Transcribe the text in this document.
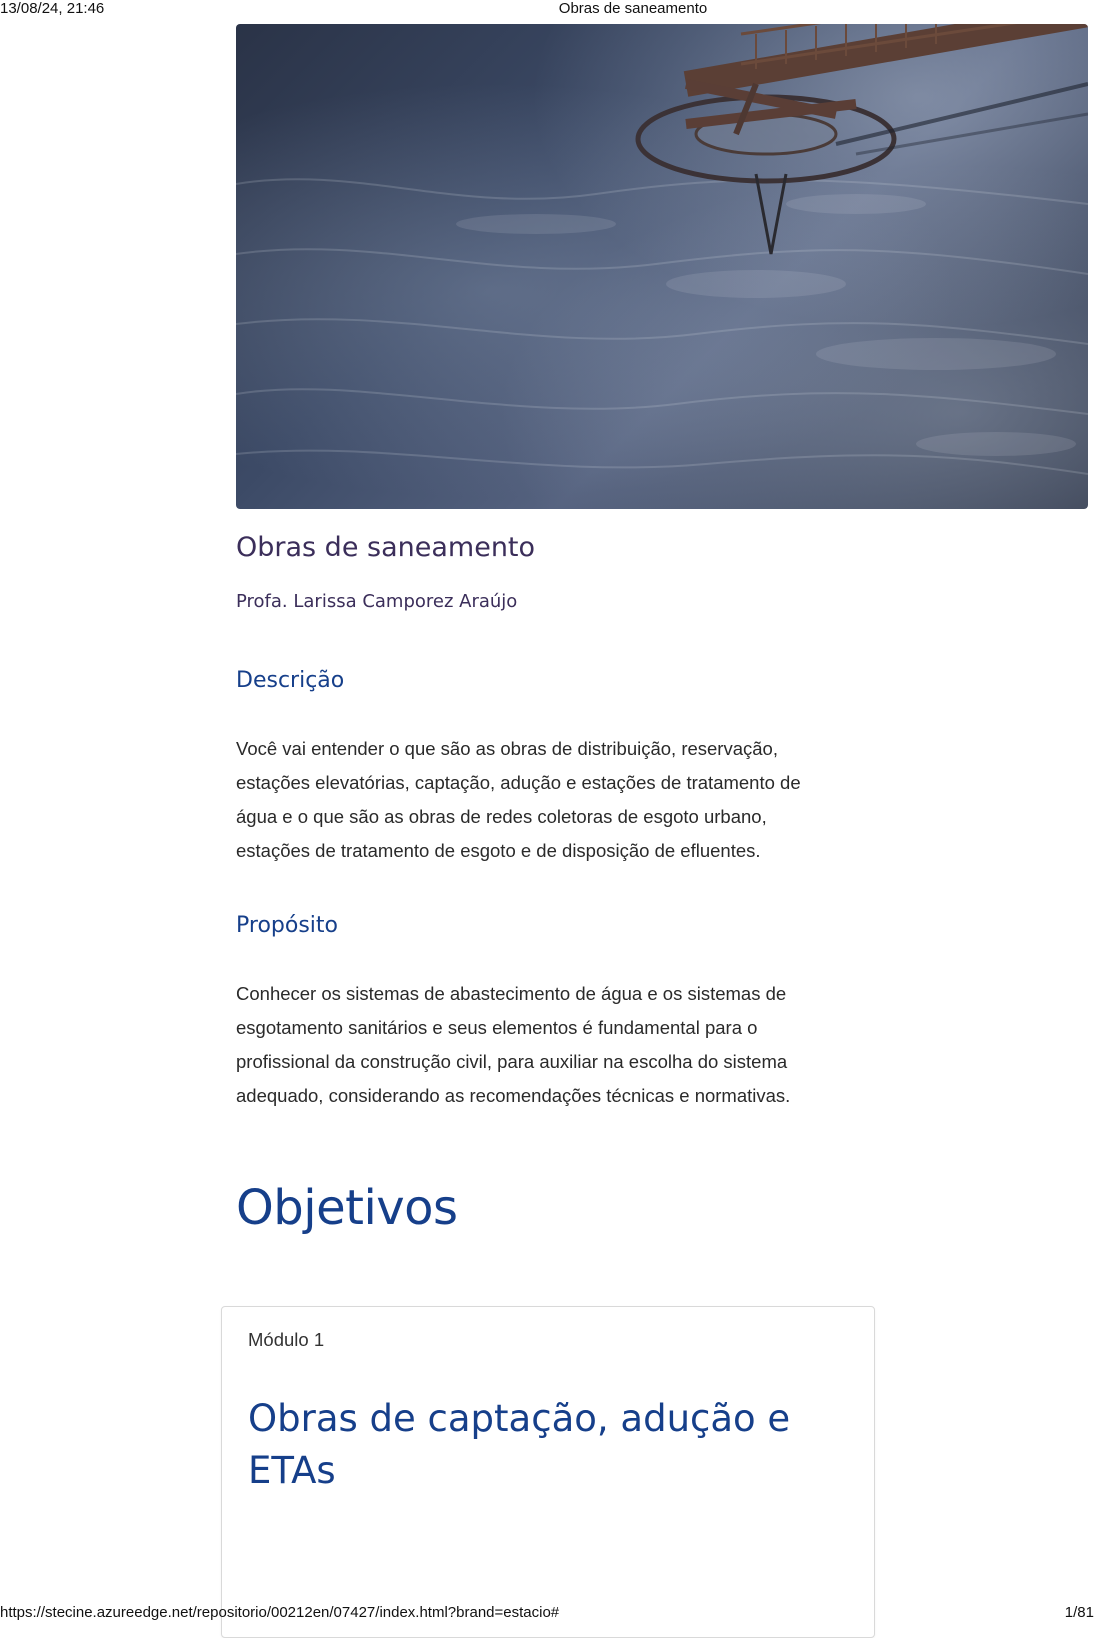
13/08/24, 21:46	Obras de saneamento
Obras de saneamento

Profa. Larissa Camporez Araújo

Descrição

Você vai entender o que são as obras de distribuição, reservação, estações elevatórias, captação, adução e estações de tratamento de água e o que são as obras de redes coletoras de esgoto urbano, estações de tratamento de esgoto e de disposição de efluentes.

Propósito

Conhecer os sistemas de abastecimento de água e os sistemas de esgotamento sanitários e seus elementos é fundamental para o profissional da construção civil, para auxiliar na escolha do sistema adequado, considerando as recomendações técnicas e normativas.

Objetivos

Módulo 1

Obras de captação, adução e ETAs
https://stecine.azureedge.net/repositorio/00212en/07427/index.html?brand=estacio#	1/81
